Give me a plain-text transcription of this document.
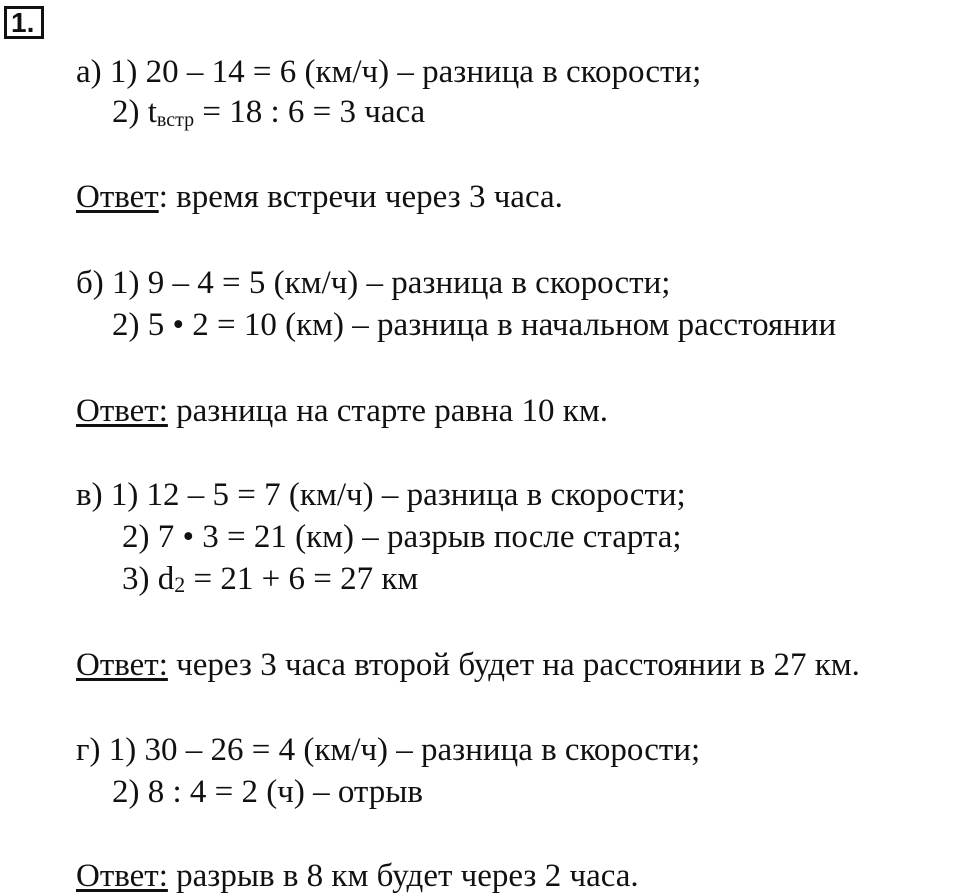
1.
а) 1) 20 – 14 = 6 (км/ч) – разница в скорости;
2) $t_{встр} = 18$ : 6 = 3 часа
Ответ: время встречи через 3 часа.
б) 1) 9 – 4 = 5 (км/ч) – разница в скорости;
2) 5 • 2 = 10 (км) – разница в начальном расстоянии
Ответ: разница на старте равна 10 км.
в) 1) 12 – 5 = 7 (км/ч) – разница в скорости;
2) 7 • 3 = 21 (км) – разрыв после старта;
3) d2 = 21 + 6 = 27 км
Ответ: через 3 часа второй будет на расстоянии в 27 км.
г) 1) 30 – 26 = 4 (км/ч) – разница в скорости;
2) 8 : 4 = 2 (ч) – отрыв
Ответ: разрыв в 8 км будет через 2 часа.
